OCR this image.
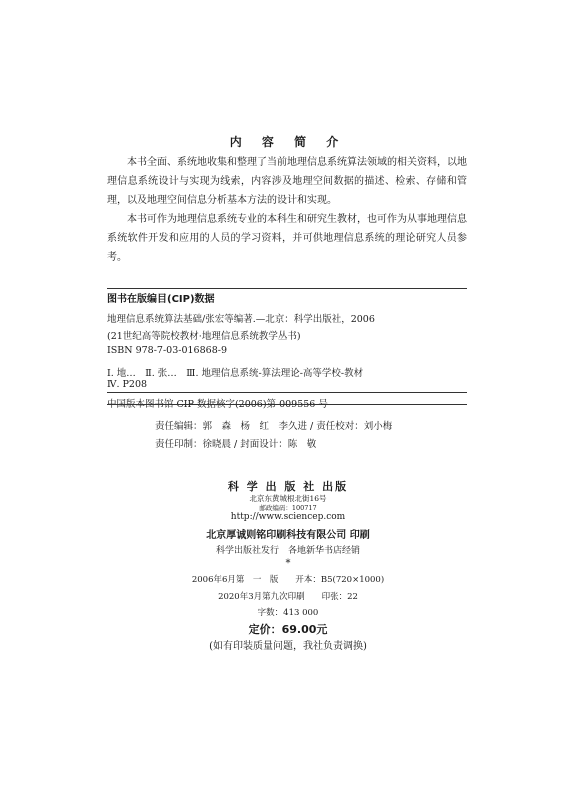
内 容 简 介
本书全面、系统地收集和整理了当前地理信息系统算法领域的相关资料，以地理信息系统设计与实现为线索，内容涉及地理空间数据的描述、检索、存储和管理，以及地理空间信息分析基本方法的设计和实现。
本书可作为地理信息系统专业的本科生和研究生教材，也可作为从事地理信息系统软件开发和应用的人员的学习资料，并可供地理信息系统的理论研究人员参考。
图书在版编目(CIP)数据
地理信息系统算法基础/张宏等编著.—北京：科学出版社，2006
(21世纪高等院校教材·地理信息系统教学丛书)
ISBN 978-7-03-016868-9
Ⅰ. 地…　Ⅱ. 张…　Ⅲ. 地理信息系统-算法理论-高等学校-教材
Ⅳ. P208
中国版本图书馆 CIP 数据核字(2006)第 009556 号
责任编辑：郭　森　杨　红　李久进 / 责任校对：刘小梅
责任印制：徐晓晨 / 封面设计：陈　敬
科 学 出 版 社 出版
北京东黄城根北街16号
邮政编码：100717
http://www.sciencep.com
北京厚诚则铭印刷科技有限公司 印刷
科学出版社发行　各地新华书店经销
*
2006年6月第　一　版　　开本：B5(720×1000)
2020年3月第九次印刷　　印张：22
字数：413 000
定价：69.00元
(如有印装质量问题，我社负责调换)
